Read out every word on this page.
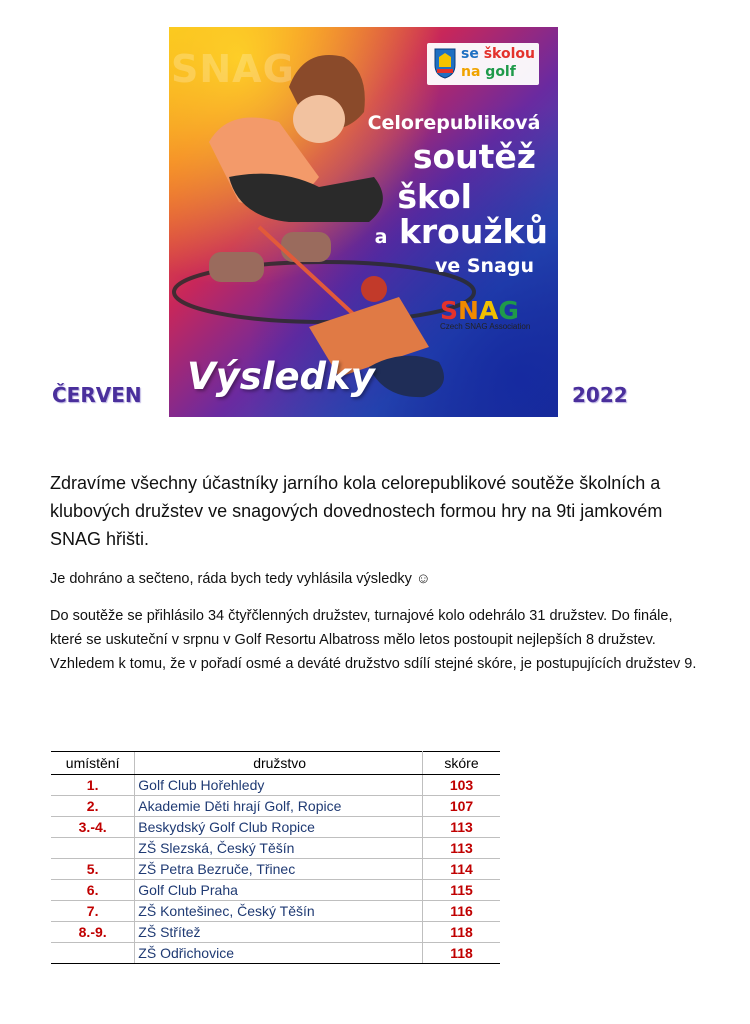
ČERVEN	2022
SNAG	se školou
na golf
Celorepubliková
soutěž
škol
a kroužků
ve Snagu
SNAG
Czech SNAG Association
Výsledky
Zdravíme všechny účastníky jarního kola celorepublikové soutěže školních a klubových družstev ve snagových dovednostech formou hry na 9ti jamkovém SNAG hřišti.
Je dohráno a sečteno, ráda bych tedy vyhlásila výsledky ☺
Do soutěže se přihlásilo 34 čtyřčlenných družstev, turnajové kolo odehrálo 31 družstev. Do finále, které se uskuteční v srpnu v Golf Resortu Albatross mělo letos postoupit nejlepších 8 družstev. Vzhledem k tomu, že v pořadí osmé a deváté družstvo sdílí stejné skóre, je postupujících družstev 9.
umístění	družstvo	skóre
1.	Golf Club Hořehledy	103
2.	Akademie Děti hrají Golf, Ropice	107
3.-4.	Beskydský Golf Club Ropice	113
	ZŠ Slezská, Český Těšín	113
5.	ZŠ Petra Bezruče, Třinec	114
6.	Golf Club Praha	115
7.	ZŠ Kontešinec, Český Těšín	116
8.-9.	ZŠ Střítež	118
	ZŠ Odřichovice	118
